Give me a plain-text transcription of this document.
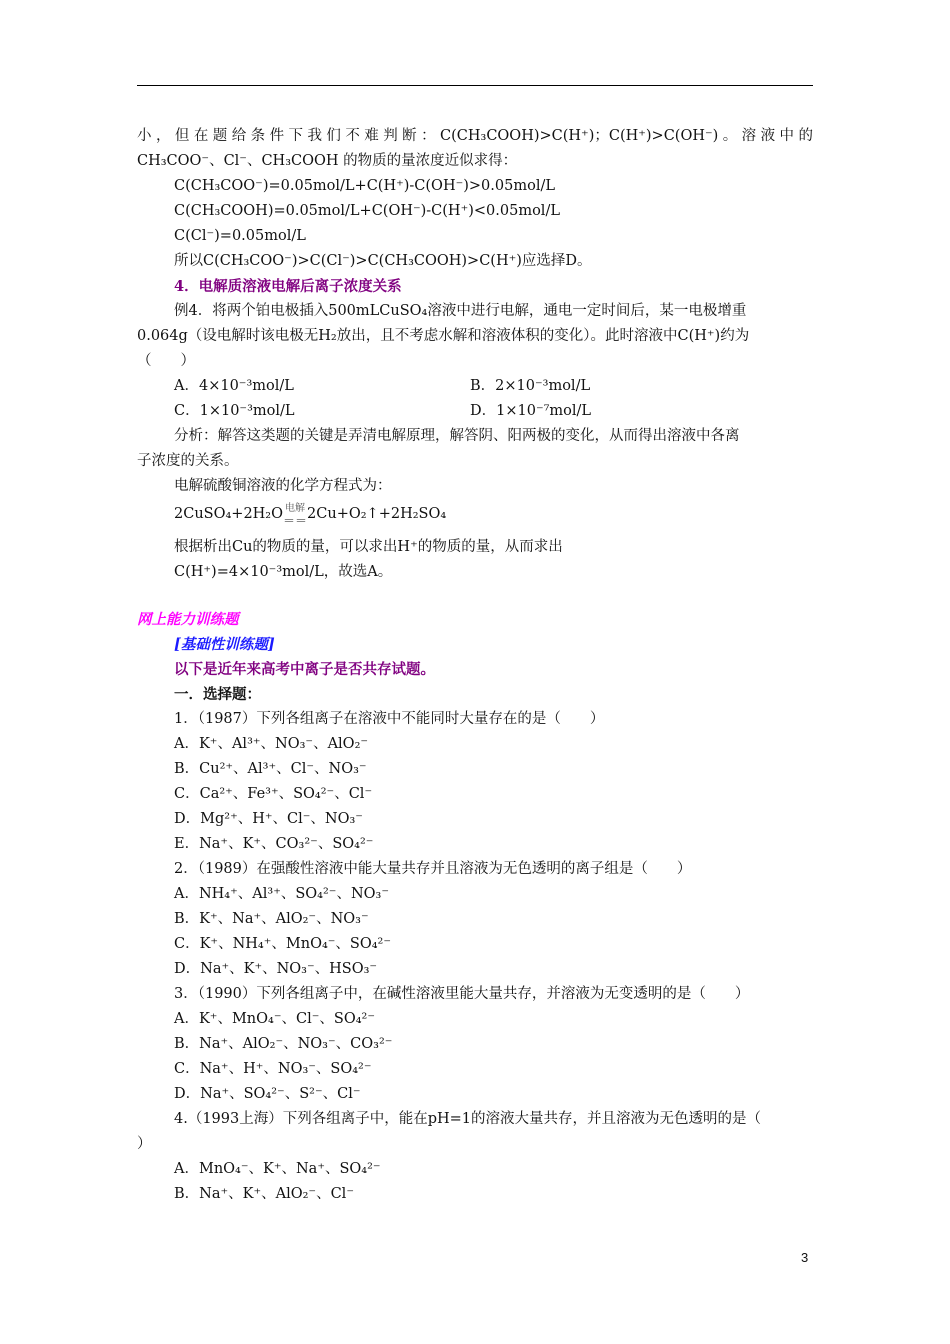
小，但在题给条件下我们不难判断：C(CH₃COOH)>C(H⁺)；C(H⁺)>C(OH⁻)。溶液中的
CH₃COO⁻、Cl⁻、CH₃COOH 的物质的量浓度近似求得：
C(CH₃COO⁻)=0.05mol/L+C(H⁺)-C(OH⁻)>0.05mol/L
C(CH₃COOH)=0.05mol/L+C(OH⁻)-C(H⁺)<0.05mol/L
C(Cl⁻)=0.05mol/L
所以C(CH₃COO⁻)>C(Cl⁻)>C(CH₃COOH)>C(H⁺)应选择D。
4．电解质溶液电解后离子浓度关系
例4．将两个铂电极插入500mLCuSO₄溶液中进行电解，通电一定时间后，某一电极增重
0.064g（设电解时该电极无H₂放出，且不考虑水解和溶液体积的变化）。此时溶液中C(H⁺)约为
（　　）
A．4×10⁻³mol/L	B．2×10⁻³mol/L
C．1×10⁻³mol/L	D．1×10⁻⁷mol/L
分析：解答这类题的关键是弄清电解原理，解答阴、阳两极的变化，从而得出溶液中各离
子浓度的关系。
电解硫酸铜溶液的化学方程式为：
2CuSO₄+2H₂O 电解
＝＝ 2Cu+O₂↑+2H₂SO₄
根据析出Cu的物质的量，可以求出H⁺的物质的量，从而求出
C(H⁺)=4×10⁻³mol/L，故选A。
网上能力训练题
[基础性训练题]
以下是近年来高考中离子是否共存试题。
一．选择题：
1．（1987）下列各组离子在溶液中不能同时大量存在的是（　　）
A．K⁺、Al³⁺、NO₃⁻、AlO₂⁻
B．Cu²⁺、Al³⁺、Cl⁻、NO₃⁻
C．Ca²⁺、Fe³⁺、SO₄²⁻、Cl⁻
D．Mg²⁺、H⁺、Cl⁻、NO₃⁻
E．Na⁺、K⁺、CO₃²⁻、SO₄²⁻
2．（1989）在强酸性溶液中能大量共存并且溶液为无色透明的离子组是（　　）
A．NH₄⁺、Al³⁺、SO₄²⁻、NO₃⁻
B．K⁺、Na⁺、AlO₂⁻、NO₃⁻
C．K⁺、NH₄⁺、MnO₄⁻、SO₄²⁻
D．Na⁺、K⁺、NO₃⁻、HSO₃⁻
3．（1990）下列各组离子中，在碱性溶液里能大量共存，并溶液为无变透明的是（　　）
A．K⁺、MnO₄⁻、Cl⁻、SO₄²⁻
B．Na⁺、AlO₂⁻、NO₃⁻、CO₃²⁻
C．Na⁺、H⁺、NO₃⁻、SO₄²⁻
D．Na⁺、SO₄²⁻、S²⁻、Cl⁻
4.（1993上海）下列各组离子中，能在pH=1的溶液大量共存，并且溶液为无色透明的是（
）
A．MnO₄⁻、K⁺、Na⁺、SO₄²⁻
B．Na⁺、K⁺、AlO₂⁻、Cl⁻
3
